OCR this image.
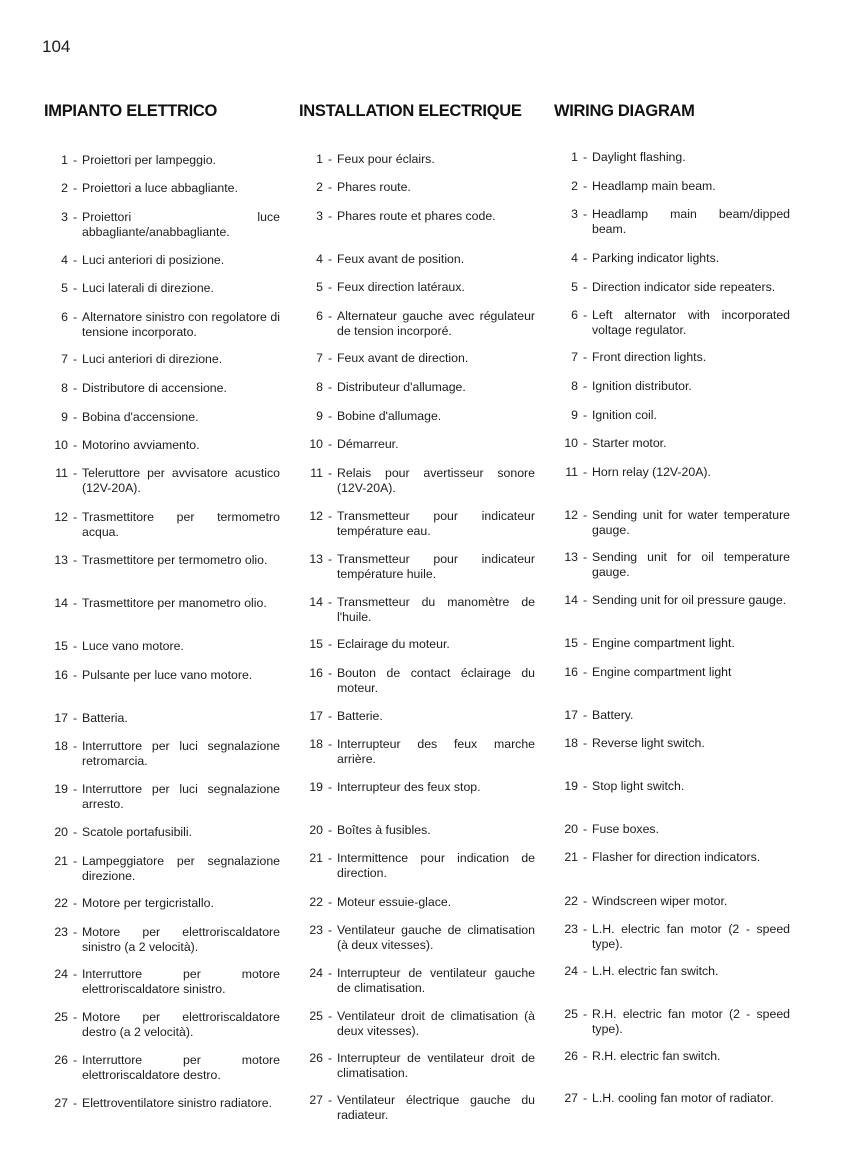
104
IMPIANTO ELETTRICO
1 - Proiettori per lampeggio.
2 - Proiettori a luce abbagliante.
3 - Proiettori luce abbagliante/anabbagliante.
4 - Luci anteriori di posizione.
5 - Luci laterali di direzione.
6 - Alternatore sinistro con regolatore di tensione incorporato.
7 - Luci anteriori di direzione.
8 - Distributore di accensione.
9 - Bobina d'accensione.
10 - Motorino avviamento.
11 - Teleruttore per avvisatore acustico (12V-20A).
12 - Trasmettitore per termometro acqua.
13 - Trasmettitore per termometro olio.
14 - Trasmettitore per manometro olio.
15 - Luce vano motore.
16 - Pulsante per luce vano motore.
17 - Batteria.
18 - Interruttore per luci segnalazione retromarcia.
19 - Interruttore per luci segnalazione arresto.
20 - Scatole portafusibili.
21 - Lampeggiatore per segnalazione direzione.
22 - Motore per tergicristallo.
23 - Motore per elettroriscaldatore sinistro (a 2 velocità).
24 - Interruttore per motore elettroriscaldatore sinistro.
25 - Motore per elettroriscaldatore destro (a 2 velocità).
26 - Interruttore per motore elettroriscaldatore destro.
27 - Elettroventilatore sinistro radiatore.
INSTALLATION ELECTRIQUE
1 - Feux pour éclairs.
2 - Phares route.
3 - Phares route et phares code.
4 - Feux avant de position.
5 - Feux direction latéraux.
6 - Alternateur gauche avec régulateur de tension incorporé.
7 - Feux avant de direction.
8 - Distributeur d'allumage.
9 - Bobine d'allumage.
10 - Démarreur.
11 - Relais pour avertisseur sonore (12V-20A).
12 - Transmetteur pour indicateur température eau.
13 - Transmetteur pour indicateur température huile.
14 - Transmetteur du manomètre de l'huile.
15 - Eclairage du moteur.
16 - Bouton de contact éclairage du moteur.
17 - Batterie.
18 - Interrupteur des feux marche arrière.
19 - Interrupteur des feux stop.
20 - Boîtes à fusibles.
21 - Intermittence pour indication de direction.
22 - Moteur essuie-glace.
23 - Ventilateur gauche de climatisation (à deux vitesses).
24 - Interrupteur de ventilateur gauche de climatisation.
25 - Ventilateur droit de climatisation (à deux vitesses).
26 - Interrupteur de ventilateur droit de climatisation.
27 - Ventilateur électrique gauche du radiateur.
WIRING DIAGRAM
1 - Daylight flashing.
2 - Headlamp main beam.
3 - Headlamp main beam/dipped beam.
4 - Parking indicator lights.
5 - Direction indicator side repeaters.
6 - Left alternator with incorporated voltage regulator.
7 - Front direction lights.
8 - Ignition distributor.
9 - Ignition coil.
10 - Starter motor.
11 - Horn relay (12V-20A).
12 - Sending unit for water temperature gauge.
13 - Sending unit for oil temperature gauge.
14 - Sending unit for oil pressure gauge.
15 - Engine compartment light.
16 - Engine compartment light
17 - Battery.
18 - Reverse light switch.
19 - Stop light switch.
20 - Fuse boxes.
21 - Flasher for direction indicators.
22 - Windscreen wiper motor.
23 - L.H. electric fan motor (2 - speed type).
24 - L.H. electric fan switch.
25 - R.H. electric fan motor (2 - speed type).
26 - R.H. electric fan switch.
27 - L.H. cooling fan motor of radiator.
